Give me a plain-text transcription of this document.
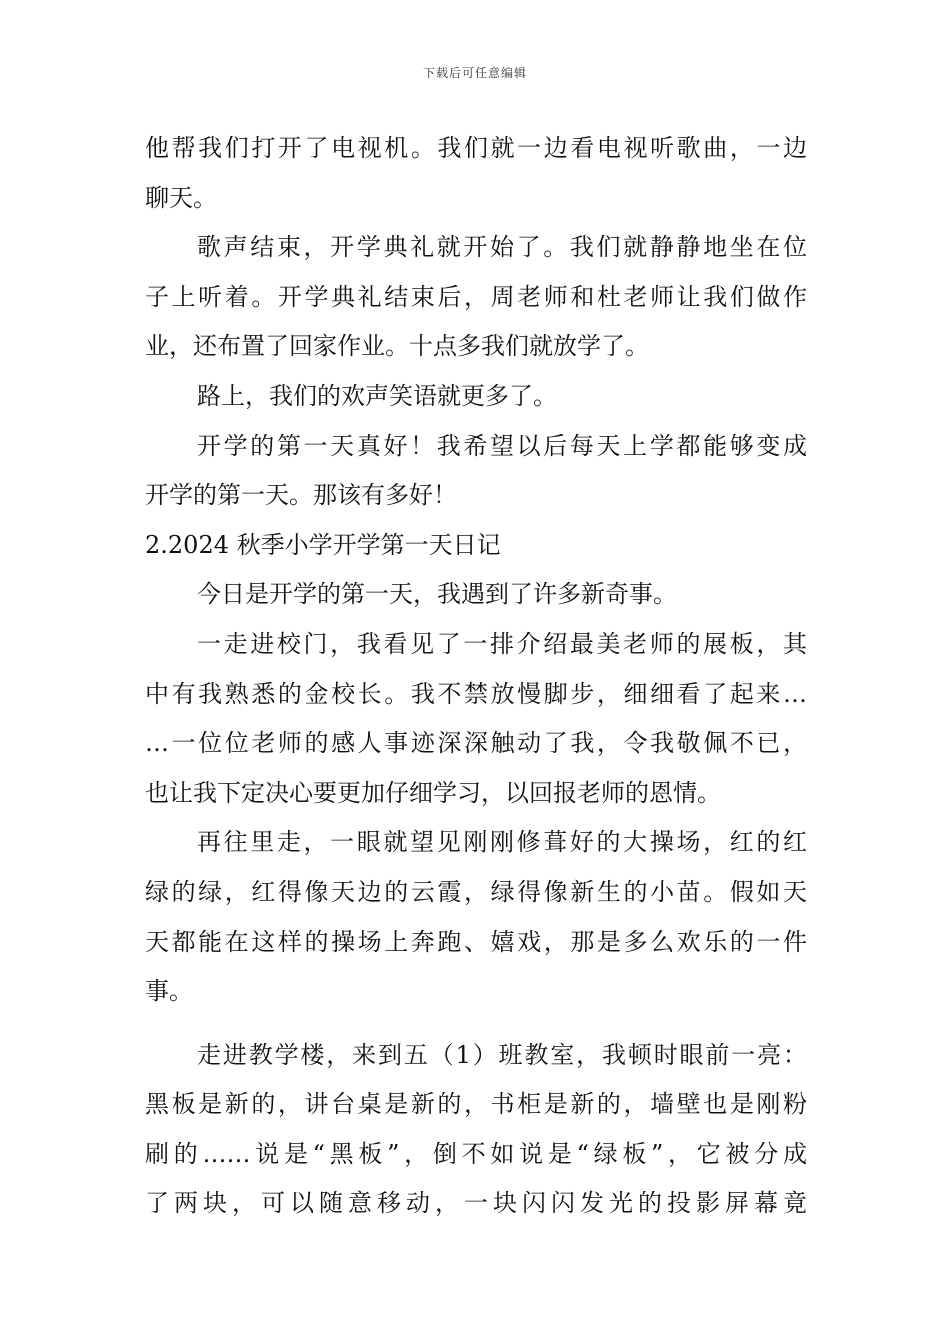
下载后可任意编辑
他帮我们打开了电视机。我们就一边看电视听歌曲，一边
聊天。
歌声结束，开学典礼就开始了。我们就静静地坐在位
子上听着。开学典礼结束后，周老师和杜老师让我们做作
业，还布置了回家作业。十点多我们就放学了。
路上，我们的欢声笑语就更多了。
开学的第一天真好！我希望以后每天上学都能够变成
开学的第一天。那该有多好！
2.2024 秋季小学开学第一天日记
今日是开学的第一天，我遇到了许多新奇事。
一走进校门，我看见了一排介绍最美老师的展板，其
中有我熟悉的金校长。我不禁放慢脚步，细细看了起来…
…一位位老师的感人事迹深深触动了我，令我敬佩不已，
也让我下定决心要更加仔细学习，以回报老师的恩情。
再往里走，一眼就望见刚刚修葺好的大操场，红的红
绿的绿，红得像天边的云霞，绿得像新生的小苗。假如天
天都能在这样的操场上奔跑、嬉戏，那是多么欢乐的一件
事。
走进教学楼，来到五（1）班教室，我顿时眼前一亮：
黑板是新的，讲台桌是新的，书柜是新的，墙壁也是刚粉
刷的……说是“黑板”，倒不如说是“绿板”，它被分成
了两块，可以随意移动，一块闪闪发光的投影屏幕竟
